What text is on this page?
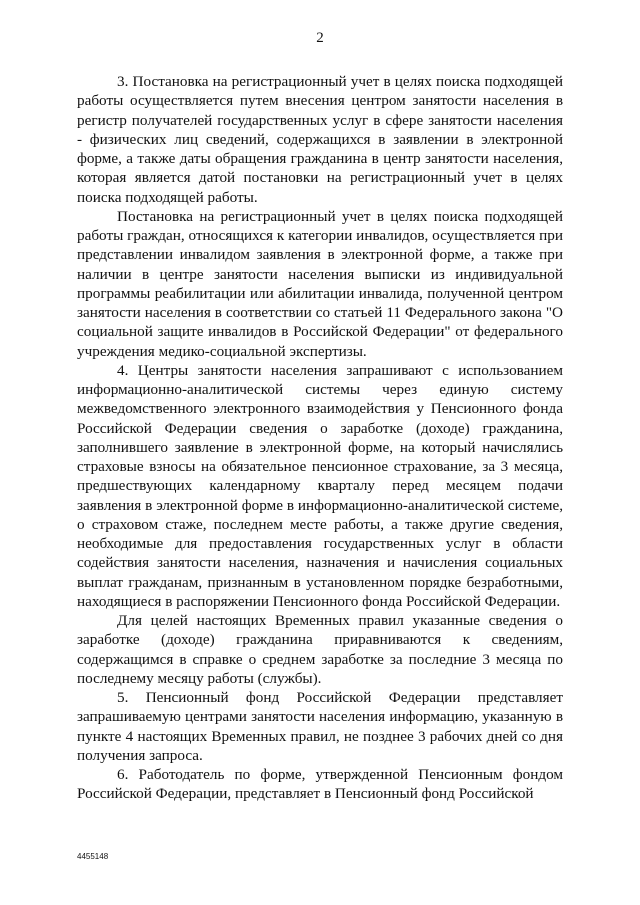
2

3. Постановка на регистрационный учет в целях поиска подходящей работы осуществляется путем внесения центром занятости населения в регистр получателей государственных услуг в сфере занятости населения - физических лиц сведений, содержащихся в заявлении в электронной форме, а также даты обращения гражданина в центр занятости населения, которая является датой постановки на регистрационный учет в целях поиска подходящей работы.

Постановка на регистрационный учет в целях поиска подходящей работы граждан, относящихся к категории инвалидов, осуществляется при представлении инвалидом заявления в электронной форме, а также при наличии в центре занятости населения выписки из индивидуальной программы реабилитации или абилитации инвалида, полученной центром занятости населения в соответствии со статьей 11 Федерального закона "О социальной защите инвалидов в Российской Федерации" от федерального учреждения медико-социальной экспертизы.

4. Центры занятости населения запрашивают с использованием информационно-аналитической системы через единую систему межведомственного электронного взаимодействия у Пенсионного фонда Российской Федерации сведения о заработке (доходе) гражданина, заполнившего заявление в электронной форме, на который начислялись страховые взносы на обязательное пенсионное страхование, за 3 месяца, предшествующих календарному кварталу перед месяцем подачи заявления в электронной форме в информационно-аналитической системе, о страховом стаже, последнем месте работы, а также другие сведения, необходимые для предоставления государственных услуг в области содействия занятости населения, назначения и начисления социальных выплат гражданам, признанным в установленном порядке безработными, находящиеся в распоряжении Пенсионного фонда Российской Федерации.

Для целей настоящих Временных правил указанные сведения о заработке (доходе) гражданина приравниваются к сведениям, содержащимся в справке о среднем заработке за последние 3 месяца по последнему месяцу работы (службы).

5. Пенсионный фонд Российской Федерации представляет запрашиваемую центрами занятости населения информацию, указанную в пункте 4 настоящих Временных правил, не позднее 3 рабочих дней со дня получения запроса.

6. Работодатель по форме, утвержденной Пенсионным фондом Российской Федерации, представляет в Пенсионный фонд Российской

4455148
